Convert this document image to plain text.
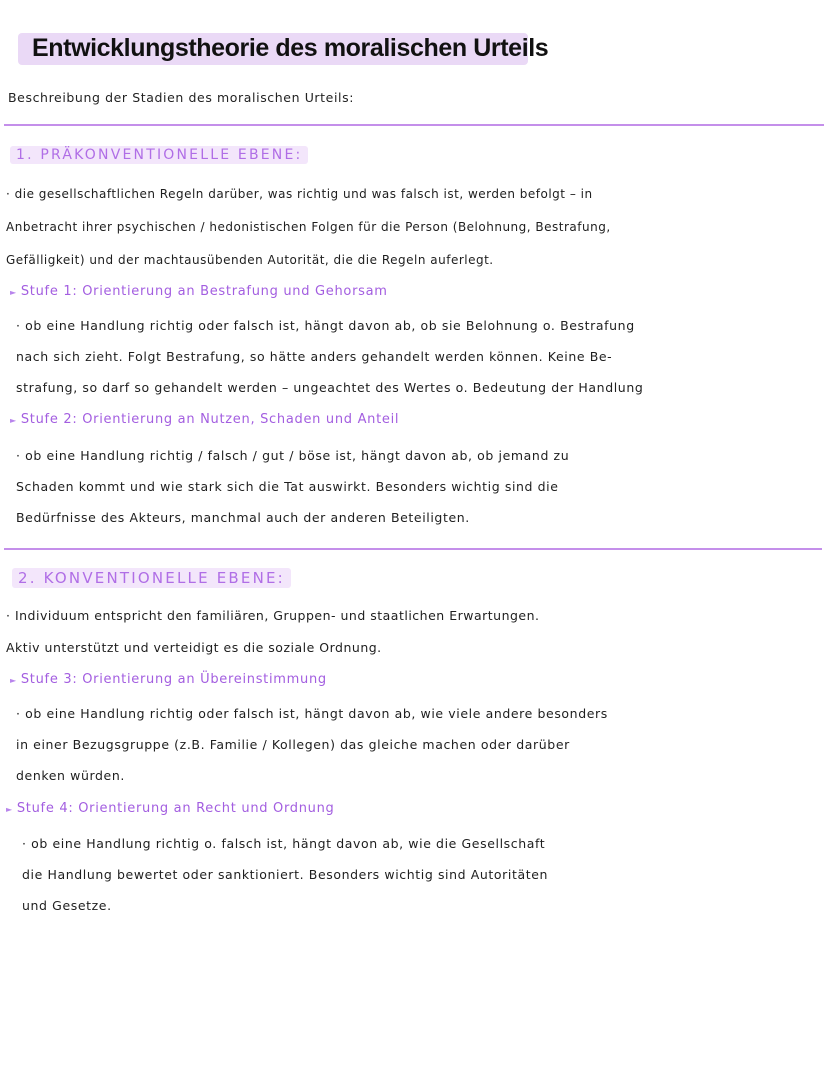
Entwicklungstheorie des moralischen Urteils
Beschreibung der Stadien des moralischen Urteils:
1. PRÄKONVENTIONELLE EBENE:
· die gesellschaftlichen Regeln darüber, was richtig und was falsch ist, werden befolgt – in
Anbetracht ihrer psychischen / hedonistischen Folgen für die Person (Belohnung, Bestrafung,
Gefälligkeit) und der machtausübenden Autorität, die die Regeln auferlegt.
► Stufe 1: Orientierung an Bestrafung und Gehorsam
· ob eine Handlung richtig oder falsch ist, hängt davon ab, ob sie Belohnung o. Bestrafung
nach sich zieht. Folgt Bestrafung, so hätte anders gehandelt werden können. Keine Be-
strafung, so darf so gehandelt werden – ungeachtet des Wertes o. Bedeutung der Handlung
► Stufe 2: Orientierung an Nutzen, Schaden und Anteil
· ob eine Handlung richtig / falsch / gut / böse ist, hängt davon ab, ob jemand zu
Schaden kommt und wie stark sich die Tat auswirkt. Besonders wichtig sind die
Bedürfnisse des Akteurs, manchmal auch der anderen Beteiligten.
2. KONVENTIONELLE EBENE:
· Individuum entspricht den familiären, Gruppen- und staatlichen Erwartungen.
Aktiv unterstützt und verteidigt es die soziale Ordnung.
► Stufe 3: Orientierung an Übereinstimmung
· ob eine Handlung richtig oder falsch ist, hängt davon ab, wie viele andere besonders
in einer Bezugsgruppe (z.B. Familie / Kollegen) das gleiche machen oder darüber
denken würden.
► Stufe 4: Orientierung an Recht und Ordnung
· ob eine Handlung richtig o. falsch ist, hängt davon ab, wie die Gesellschaft
die Handlung bewertet oder sanktioniert. Besonders wichtig sind Autoritäten
und Gesetze.
